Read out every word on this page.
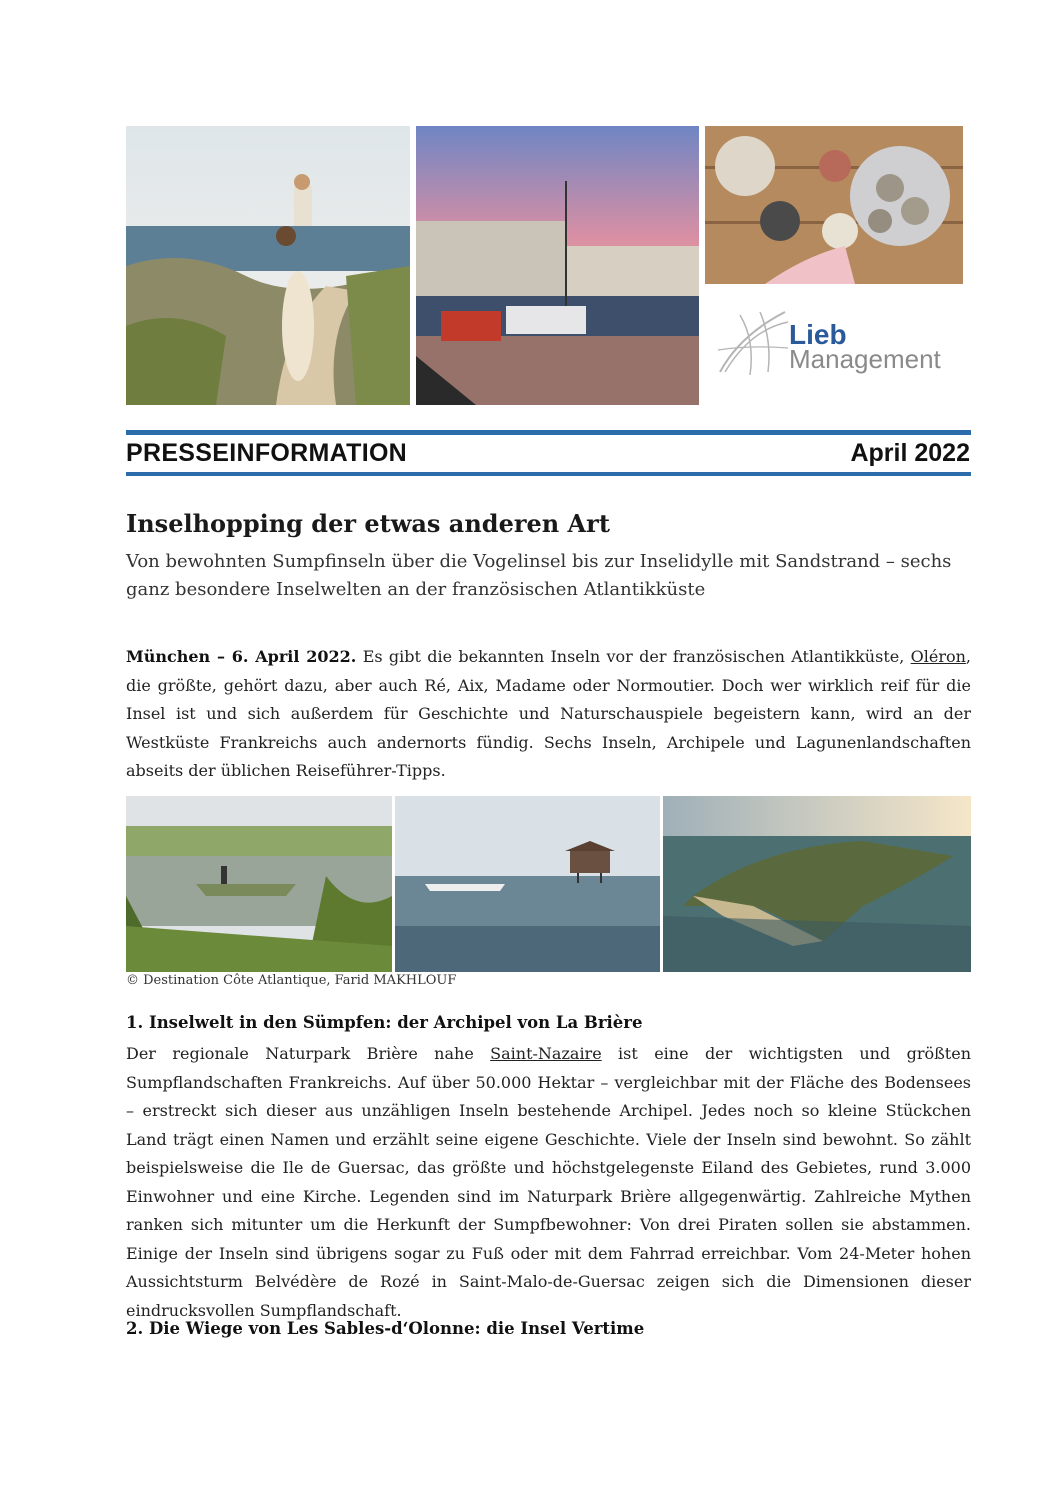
Lieb
Management
PRESSEINFORMATION	April 2022
Inselhopping der etwas anderen Art
Von bewohnten Sumpfinseln über die Vogelinsel bis zur Inselidylle mit Sandstrand – sechs ganz besondere Inselwelten an der französischen Atlantikküste
München – 6. April 2022. Es gibt die bekannten Inseln vor der französischen Atlantikküste, Oléron, die größte, gehört dazu, aber auch Ré, Aix, Madame oder Normoutier. Doch wer wirklich reif für die Insel ist und sich außerdem für Geschichte und Naturschauspiele begeistern kann, wird an der Westküste Frankreichs auch andernorts fündig. Sechs Inseln, Archipele und Lagunenlandschaften abseits der üblichen Reiseführer-Tipps.
© Destination Côte Atlantique, Farid MAKHLOUF
1. Inselwelt in den Sümpfen: der Archipel von La Brière
Der regionale Naturpark Brière nahe Saint-Nazaire ist eine der wichtigsten und größten Sumpflandschaften Frankreichs. Auf über 50.000 Hektar – vergleichbar mit der Fläche des Bodensees – erstreckt sich dieser aus unzähligen Inseln bestehende Archipel. Jedes noch so kleine Stückchen Land trägt einen Namen und erzählt seine eigene Geschichte. Viele der Inseln sind bewohnt. So zählt beispielsweise die Ile de Guersac, das größte und höchstgelegenste Eiland des Gebietes, rund 3.000 Einwohner und eine Kirche. Legenden sind im Naturpark Brière allgegenwärtig. Zahlreiche Mythen ranken sich mitunter um die Herkunft der Sumpfbewohner: Von drei Piraten sollen sie abstammen. Einige der Inseln sind übrigens sogar zu Fuß oder mit dem Fahrrad erreichbar. Vom 24-Meter hohen Aussichtsturm Belvédère de Rozé in Saint-Malo-de-Guersac zeigen sich die Dimensionen dieser eindrucksvollen Sumpflandschaft.
2. Die Wiege von Les Sables-d‘Olonne: die Insel Vertime
